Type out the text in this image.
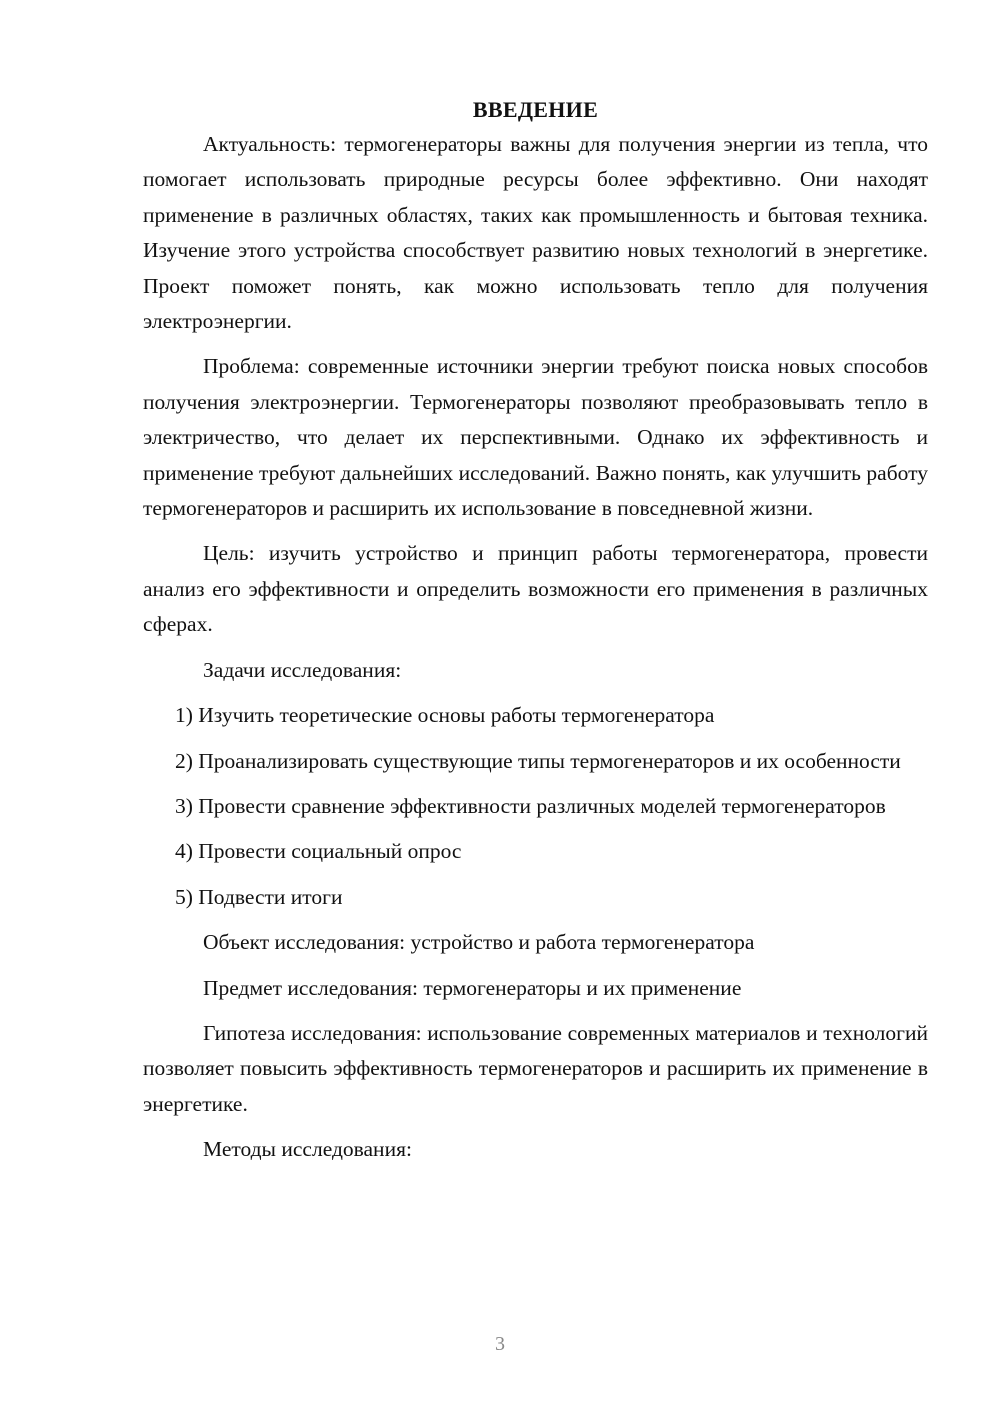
ВВЕДЕНИЕ

Актуальность: термогенераторы важны для получения энергии из тепла, что помогает использовать природные ресурсы более эффективно. Они находят применение в различных областях, таких как промышленность и бытовая техника. Изучение этого устройства способствует развитию новых технологий в энергетике. Проект поможет понять, как можно использовать тепло для получения электроэнергии.

Проблема: современные источники энергии требуют поиска новых способов получения электроэнергии. Термогенераторы позволяют преобразовывать тепло в электричество, что делает их перспективными. Однако их эффективность и применение требуют дальнейших исследований. Важно понять, как улучшить работу термогенераторов и расширить их использование в повседневной жизни.

Цель: изучить устройство и принцип работы термогенератора, провести анализ его эффективности и определить возможности его применения в различных сферах.

Задачи исследования:

1) Изучить теоретические основы работы термогенератора

2) Проанализировать существующие типы термогенераторов и их особенности

3) Провести сравнение эффективности различных моделей термогенераторов

4) Провести социальный опрос

5) Подвести итоги

Объект исследования: устройство и работа термогенератора

Предмет исследования: термогенераторы и их применение

Гипотеза исследования: использование современных материалов и технологий позволяет повысить эффективность термогенераторов и расширить их применение в энергетике.

Методы исследования:

3
